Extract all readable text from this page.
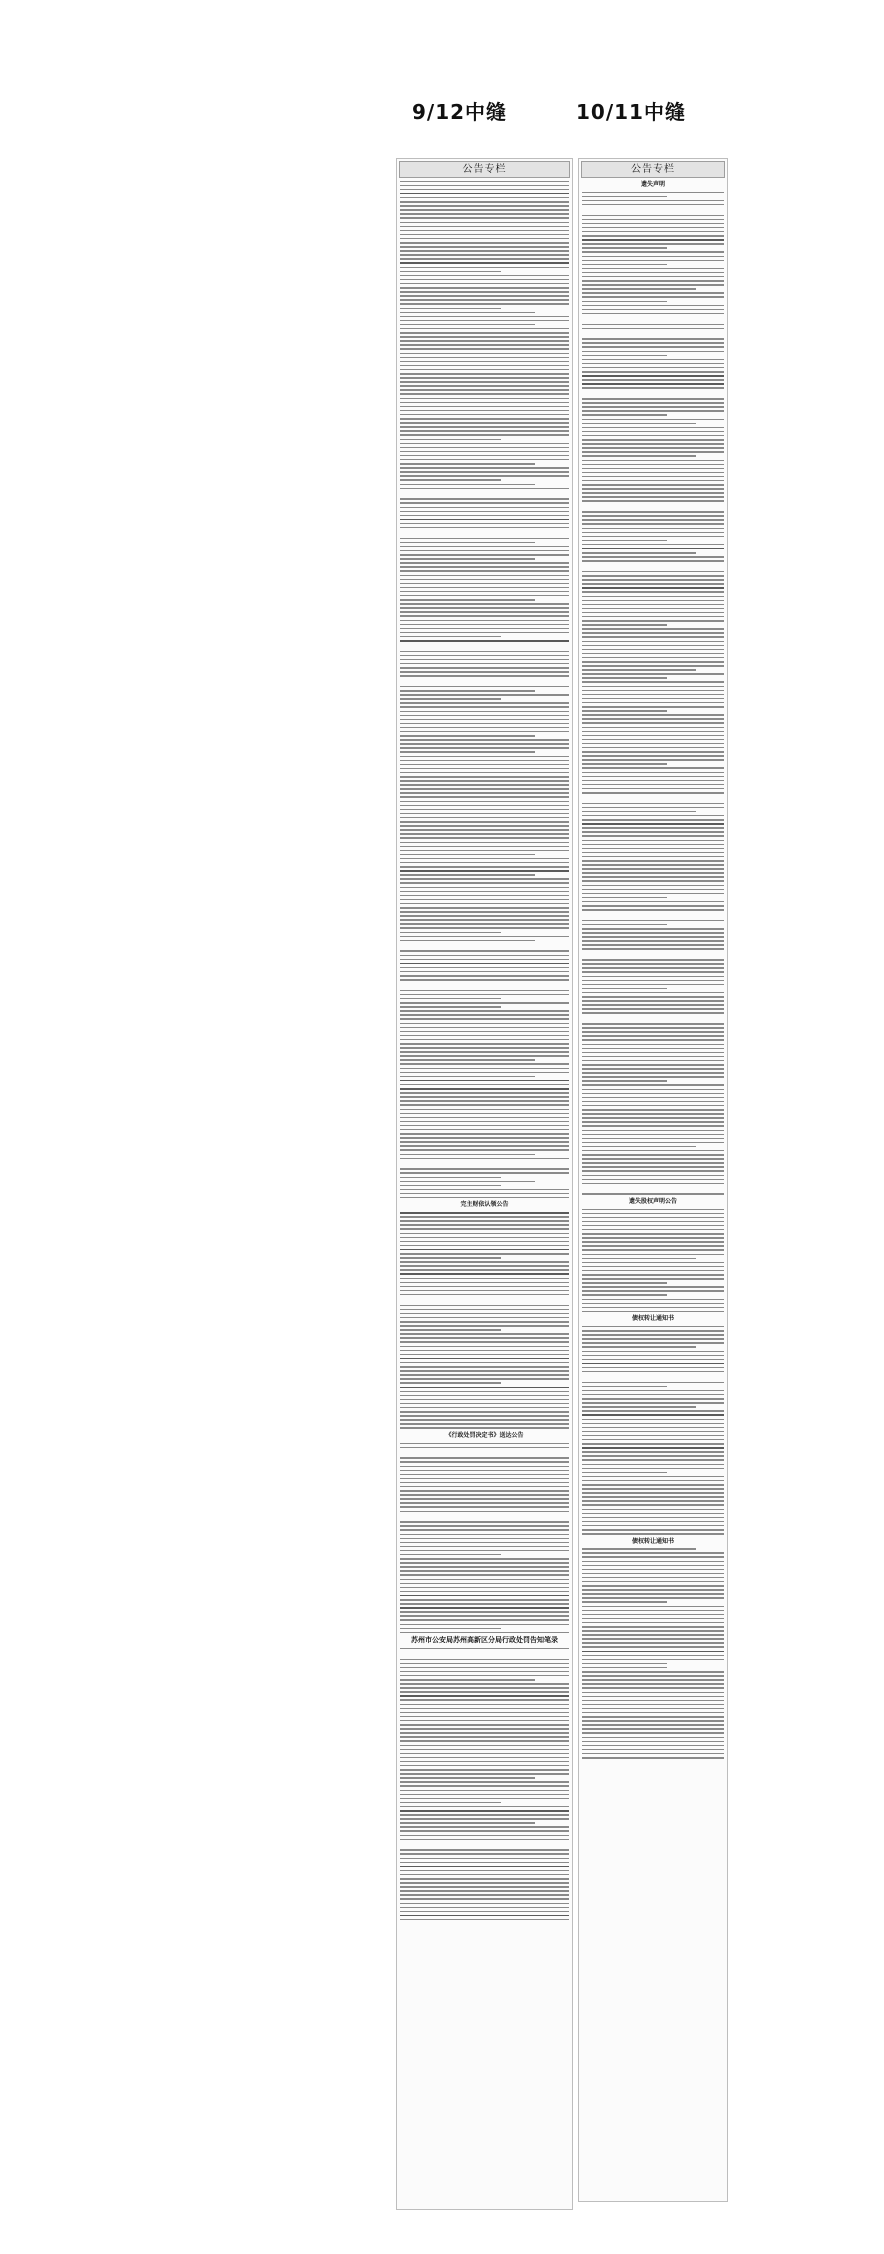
9/12中缝	10/11中缝
公告专栏
完主财依认领公告
《行政处罚决定书》送达公告
苏州市公安局苏州高新区分局行政处罚告知笔录
公告专栏
遗失声明
遗失股权声明公告
债权转让通知书
债权转让通知书
